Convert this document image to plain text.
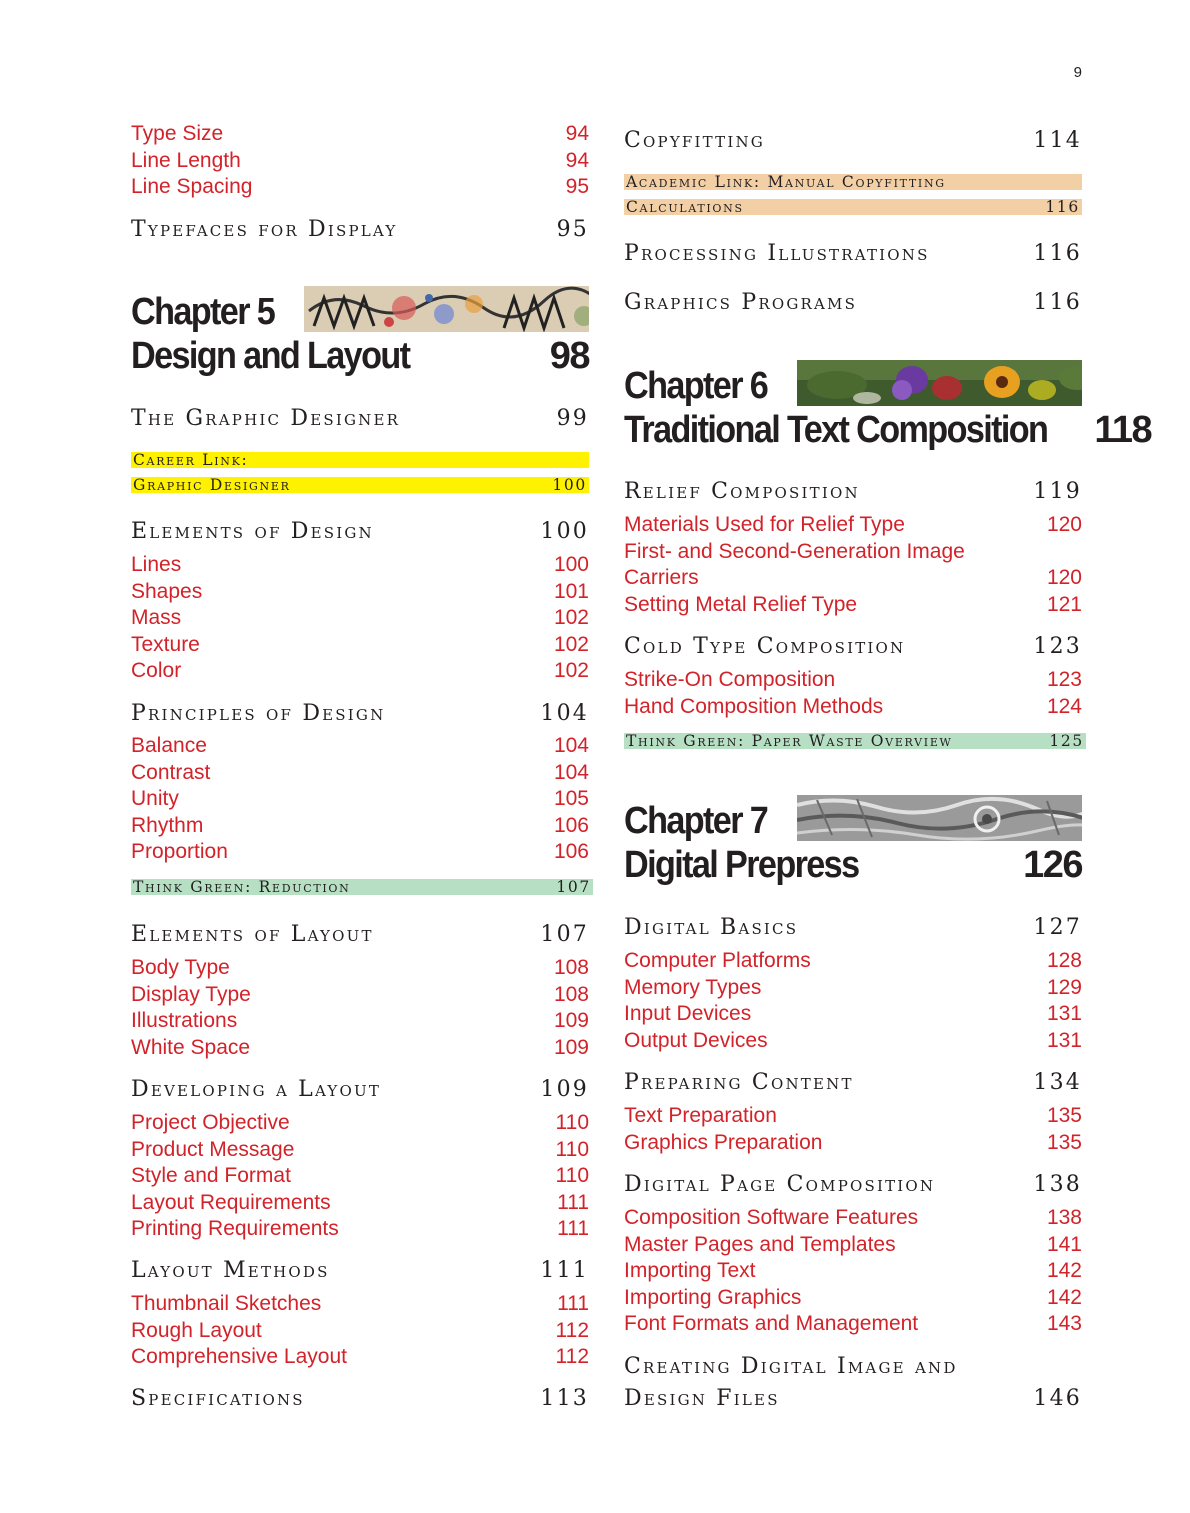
9
Type Size	94
Line Length	94
Line Spacing	95
Typefaces for Display	95
Chapter 5
Design and Layout	98
The Graphic Designer	99
Career Link:
Graphic Designer	100
Elements of Design	100
Lines	100
Shapes	101
Mass	102
Texture	102
Color	102
Principles of Design	104
Balance	104
Contrast	104
Unity	105
Rhythm	106
Proportion	106
Think Green: Reduction	107
Elements of Layout	107
Body Type	108
Display Type	108
Illustrations	109
White Space	109
Developing a Layout	109
Project Objective	110
Product Message	110
Style and Format	110
Layout Requirements	111
Printing Requirements	111
Layout Methods	111
Thumbnail Sketches	111
Rough Layout	112
Comprehensive Layout	112
Specifications	113
Copyfitting	114
Academic Link: Manual Copyfitting
Calculations	116
Processing Illustrations	116
Graphics Programs	116
Chapter 6
Traditional Text Composition 118
Relief Composition	119
Materials Used for Relief Type	120
First- and Second-Generation Image
Carriers	120
Setting Metal Relief Type	121
Cold Type Composition	123
Strike-On Composition	123
Hand Composition Methods	124
Think Green: Paper Waste Overview	125
Chapter 7
Digital Prepress	126
Digital Basics	127
Computer Platforms	128
Memory Types	129
Input Devices	131
Output Devices	131
Preparing Content	134
Text Preparation	135
Graphics Preparation	135
Digital Page Composition	138
Composition Software Features	138
Master Pages and Templates	141
Importing Text	142
Importing Graphics	142
Font Formats and Management	143
Creating Digital Image and
Design Files	146
